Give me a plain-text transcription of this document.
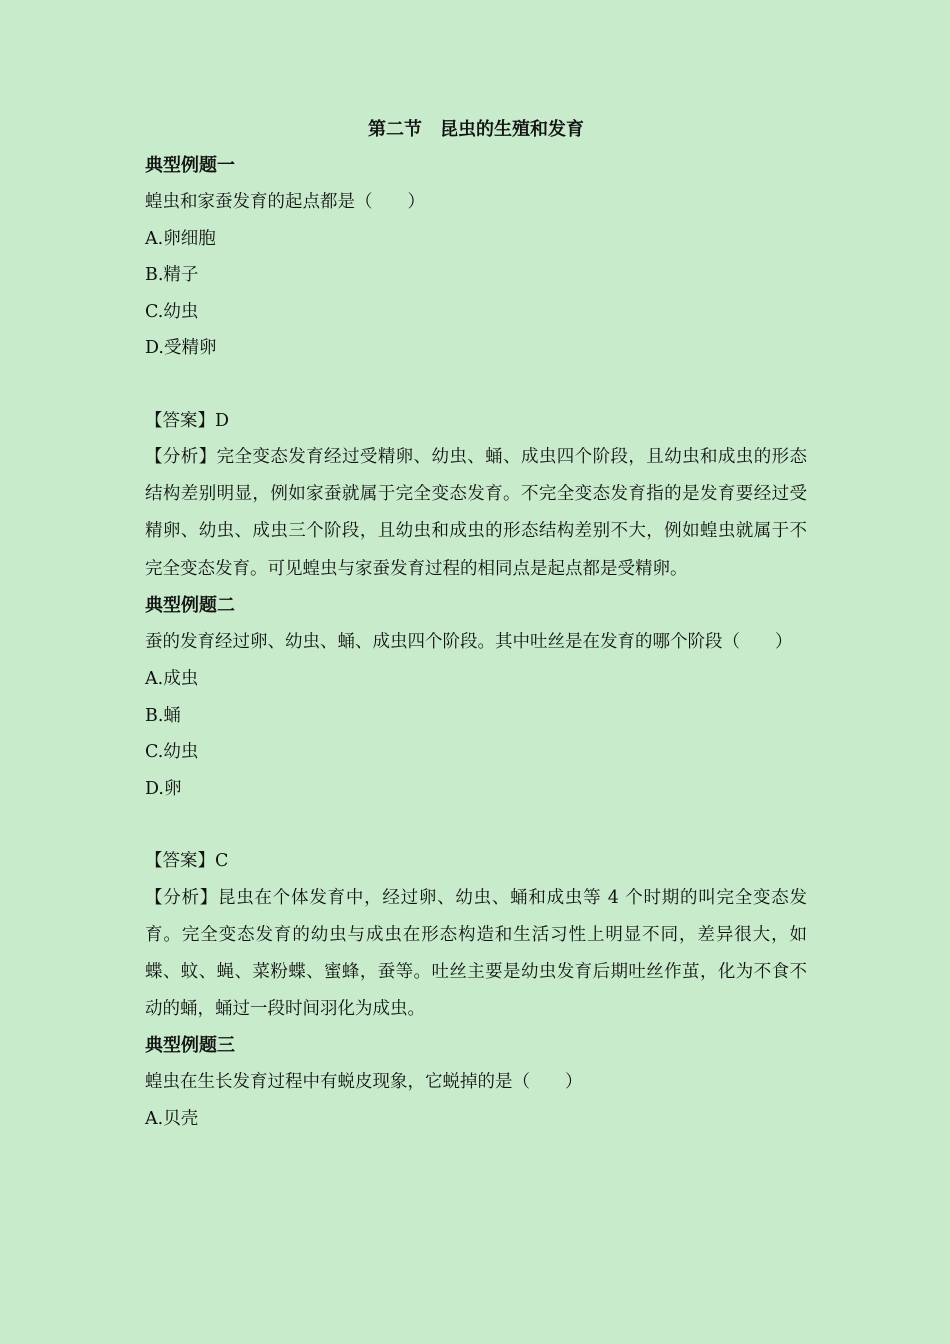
第二节　昆虫的生殖和发育
典型例题一
蝗虫和家蚕发育的起点都是（　　）
A.卵细胞
B.精子
C.幼虫
D.受精卵
【答案】D
【分析】完全变态发育经过受精卵、幼虫、蛹、成虫四个阶段，且幼虫和成虫的形态结构差别明显，例如家蚕就属于完全变态发育。不完全变态发育指的是发育要经过受精卵、幼虫、成虫三个阶段，且幼虫和成虫的形态结构差别不大，例如蝗虫就属于不完全变态发育。可见蝗虫与家蚕发育过程的相同点是起点都是受精卵。
典型例题二
蚕的发育经过卵、幼虫、蛹、成虫四个阶段。其中吐丝是在发育的哪个阶段（　　）
A.成虫
B.蛹
C.幼虫
D.卵
【答案】C
【分析】昆虫在个体发育中，经过卵、幼虫、蛹和成虫等 4 个时期的叫完全变态发育。完全变态发育的幼虫与成虫在形态构造和生活习性上明显不同，差异很大，如蝶、蚊、蝇、菜粉蝶、蜜蜂，蚕等。吐丝主要是幼虫发育后期吐丝作茧，化为不食不动的蛹，蛹过一段时间羽化为成虫。
典型例题三
蝗虫在生长发育过程中有蜕皮现象，它蜕掉的是（　　）
A.贝壳
